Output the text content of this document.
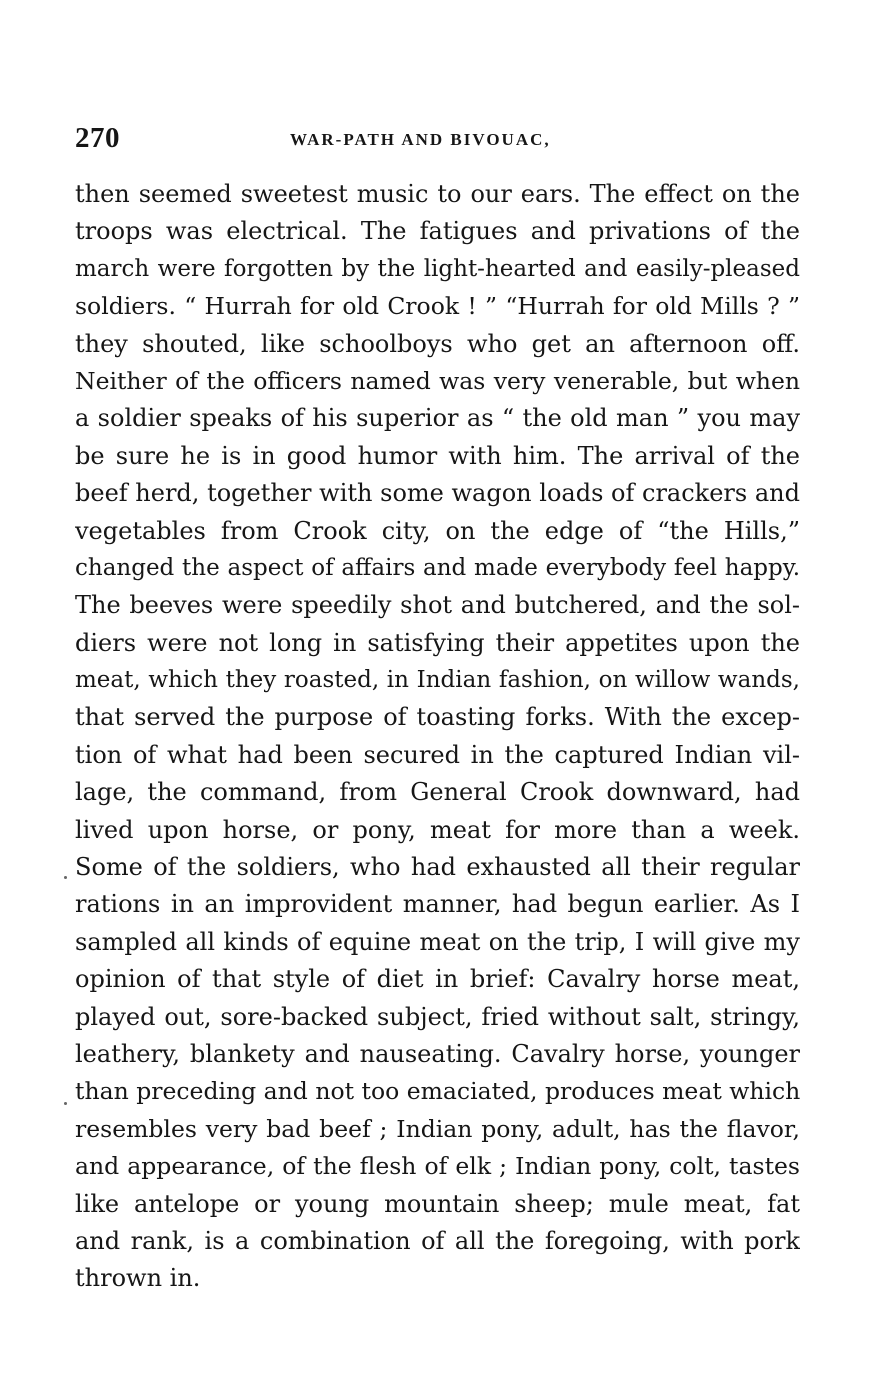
270	WAR-PATH AND BIVOUAC,
then seemed sweetest music to our ears. The effect on the
troops was electrical. The fatigues and privations of the
march were forgotten by the light-hearted and easily-pleased
soldiers. “ Hurrah for old Crook ! ” “Hurrah for old Mills ? ”
they shouted, like schoolboys who get an afternoon off.
Neither of the officers named was very venerable, but when
a soldier speaks of his superior as “ the old man ” you may
be sure he is in good humor with him. The arrival of the
beef herd, together with some wagon loads of crackers and
vegetables from Crook city, on the edge of “the Hills,”
changed the aspect of affairs and made everybody feel happy.
The beeves were speedily shot and butchered, and the sol-
diers were not long in satisfying their appetites upon the
meat, which they roasted, in Indian fashion, on willow wands,
that served the purpose of toasting forks. With the excep-
tion of what had been secured in the captured Indian vil-
lage, the command, from General Crook downward, had
lived upon horse, or pony, meat for more than a week.
Some of the soldiers, who had exhausted all their regular
rations in an improvident manner, had begun earlier. As I
sampled all kinds of equine meat on the trip, I will give my
opinion of that style of diet in brief: Cavalry horse meat,
played out, sore-backed subject, fried without salt, stringy,
leathery, blankety and nauseating. Cavalry horse, younger
than preceding and not too emaciated, produces meat which
resembles very bad beef ; Indian pony, adult, has the flavor,
and appearance, of the flesh of elk ; Indian pony, colt, tastes
like antelope or young mountain sheep; mule meat, fat
and rank, is a combination of all the foregoing, with pork
thrown in.
